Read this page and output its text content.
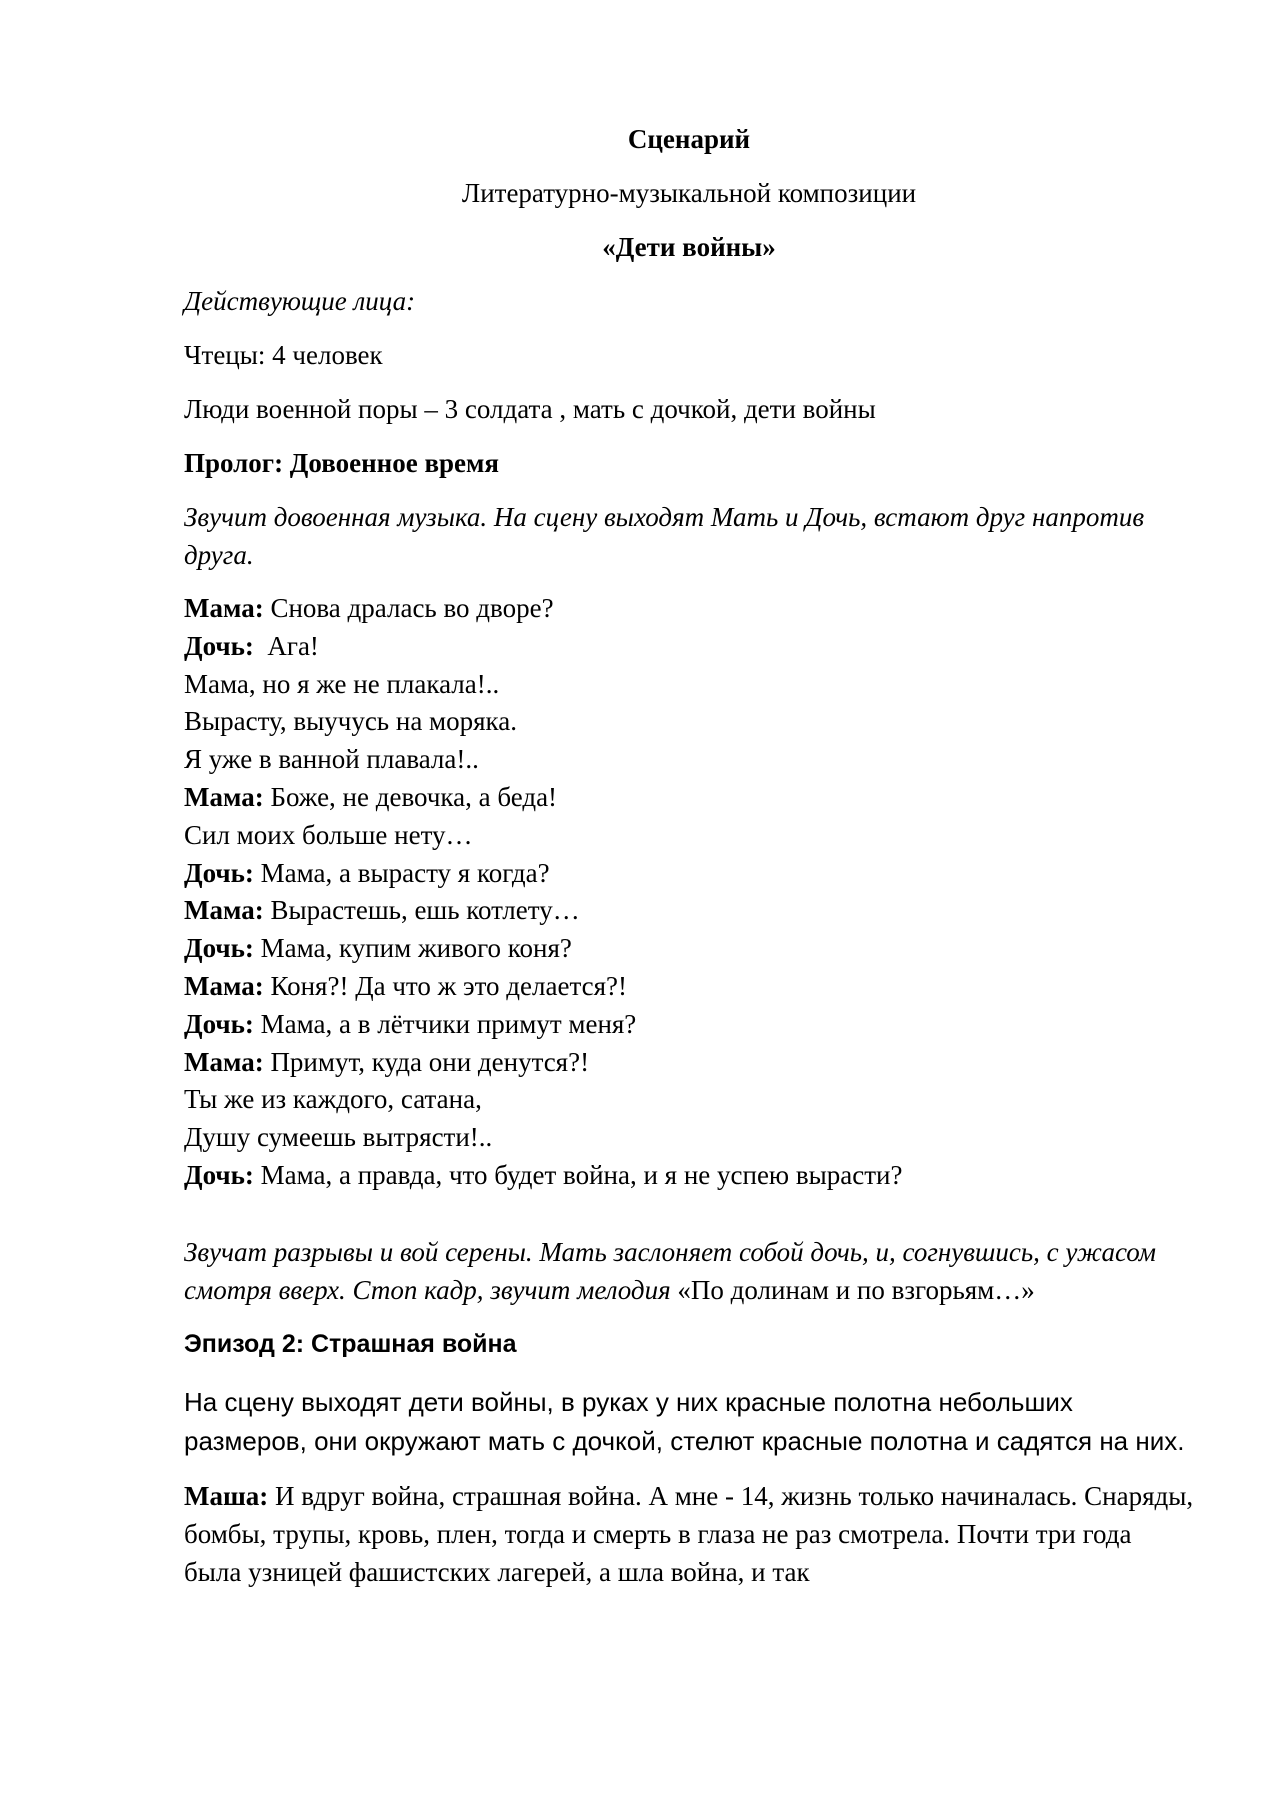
Сценарий

Литературно-музыкальной композиции

«Дети войны»

Действующие лица:

Чтецы: 4 человек

Люди военной поры – 3 солдата , мать с дочкой, дети войны

Пролог: Довоенное время

Звучит довоенная музыка. На сцену выходят Мать и Дочь, встают друг напротив друга.

Мама: Снова дралась во дворе?
Дочь:  Ага!
Мама, но я же не плакала!..
Вырасту, выучусь на моряка.
Я уже в ванной плавала!..
Мама: Боже, не девочка, а беда!
Сил моих больше нету…
Дочь: Мама, а вырасту я когда?
Мама: Вырастешь, ешь котлету…
Дочь: Мама, купим живого коня?
Мама: Коня?! Да что ж это делается?!
Дочь: Мама, а в лётчики примут меня?
Мама: Примут, куда они денутся?!
Ты же из каждого, сатана,
Душу сумеешь вытрясти!..
Дочь: Мама, а правда, что будет война, и я не успею вырасти?

Звучат разрывы и вой серены. Мать заслоняет собой дочь, и, согнувшись, с ужасом смотря вверх. Стоп кадр, звучит мелодия «По долинам и по взгорьям…»

Эпизод 2: Страшная война

На сцену выходят дети войны, в руках у них красные полотна небольших размеров, они окружают мать с дочкой, стелют красные полотна и садятся на них.

Маша: И вдруг война, страшная война. А мне - 14, жизнь только начиналась. Снаряды, бомбы, трупы, кровь, плен, тогда и смерть в глаза не раз смотрела. Почти три года была узницей фашистских лагерей, а шла война, и так
